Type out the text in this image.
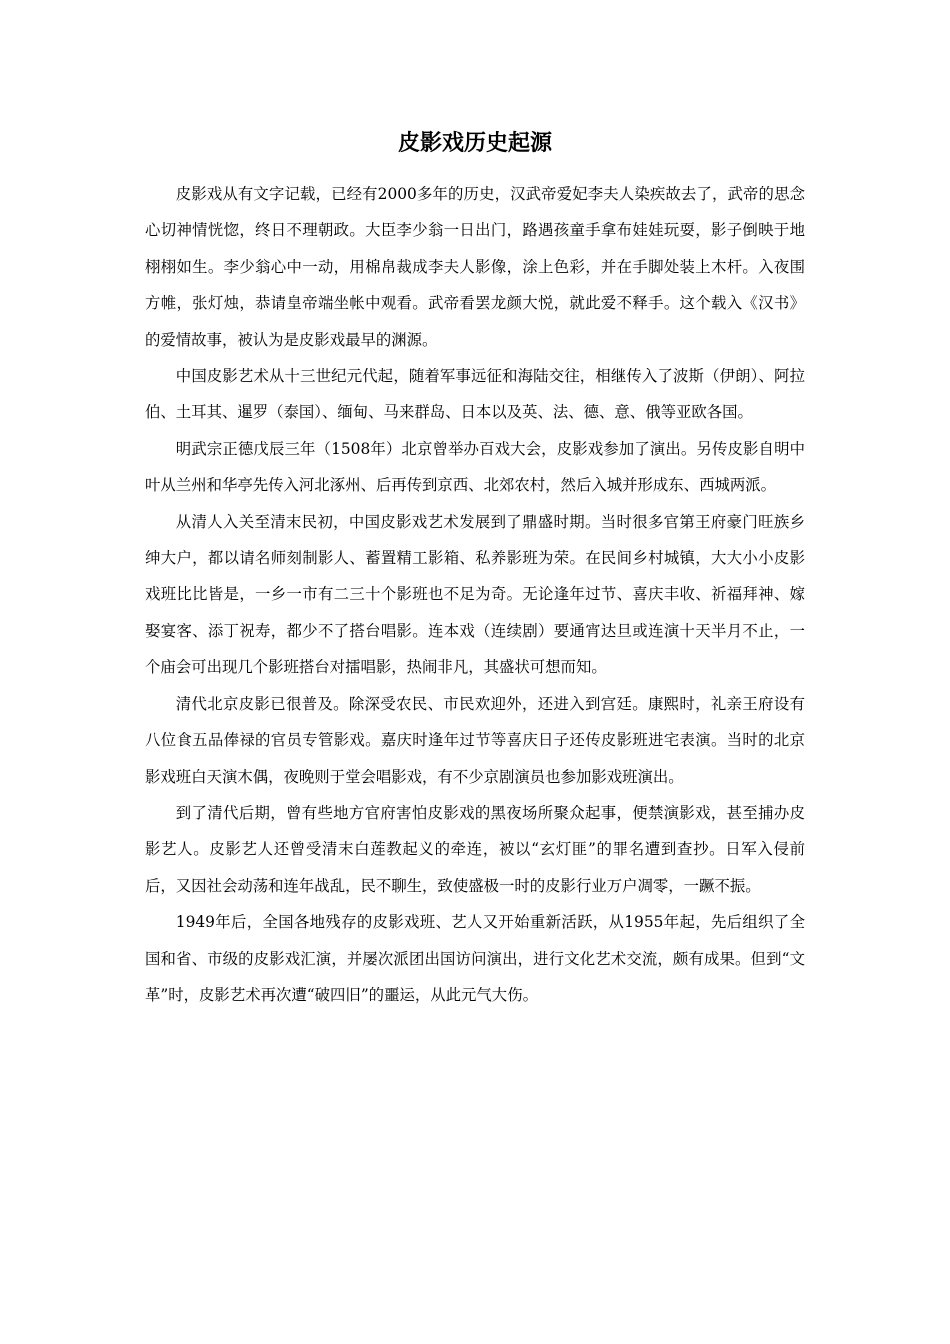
皮影戏历史起源

皮影戏从有文字记载，已经有2000多年的历史，汉武帝爱妃李夫人染疾故去了，武帝的思念心切神情恍惚，终日不理朝政。大臣李少翁一日出门，路遇孩童手拿布娃娃玩耍，影子倒映于地栩栩如生。李少翁心中一动，用棉帛裁成李夫人影像，涂上色彩，并在手脚处装上木杆。入夜围方帷，张灯烛，恭请皇帝端坐帐中观看。武帝看罢龙颜大悦，就此爱不释手。这个载入《汉书》的爱情故事，被认为是皮影戏最早的渊源。

中国皮影艺术从十三世纪元代起，随着军事远征和海陆交往，相继传入了波斯（伊朗）、阿拉伯、土耳其、暹罗（泰国）、缅甸、马来群岛、日本以及英、法、德、意、俄等亚欧各国。

明武宗正德戊辰三年（1508年）北京曾举办百戏大会，皮影戏参加了演出。另传皮影自明中叶从兰州和华亭先传入河北涿州、后再传到京西、北郊农村，然后入城并形成东、西城两派。

从清人入关至清末民初，中国皮影戏艺术发展到了鼎盛时期。当时很多官第王府豪门旺族乡绅大户，都以请名师刻制影人、蓄置精工影箱、私养影班为荣。在民间乡村城镇，大大小小皮影戏班比比皆是，一乡一市有二三十个影班也不足为奇。无论逢年过节、喜庆丰收、祈福拜神、嫁娶宴客、添丁祝寿，都少不了搭台唱影。连本戏（连续剧）要通宵达旦或连演十天半月不止，一个庙会可出现几个影班搭台对擂唱影，热闹非凡，其盛状可想而知。

清代北京皮影已很普及。除深受农民、市民欢迎外，还进入到宫廷。康熙时，礼亲王府设有八位食五品俸禄的官员专管影戏。嘉庆时逢年过节等喜庆日子还传皮影班进宅表演。当时的北京影戏班白天演木偶，夜晚则于堂会唱影戏，有不少京剧演员也参加影戏班演出。

到了清代后期，曾有些地方官府害怕皮影戏的黑夜场所聚众起事，便禁演影戏，甚至捕办皮影艺人。皮影艺人还曾受清末白莲教起义的牵连，被以“玄灯匪”的罪名遭到查抄。日军入侵前后，又因社会动荡和连年战乱，民不聊生，致使盛极一时的皮影行业万户凋零，一蹶不振。

1949年后，全国各地残存的皮影戏班、艺人又开始重新活跃，从1955年起，先后组织了全国和省、市级的皮影戏汇演，并屡次派团出国访问演出，进行文化艺术交流，颇有成果。但到“文革”时，皮影艺术再次遭“破四旧”的噩运，从此元气大伤。
